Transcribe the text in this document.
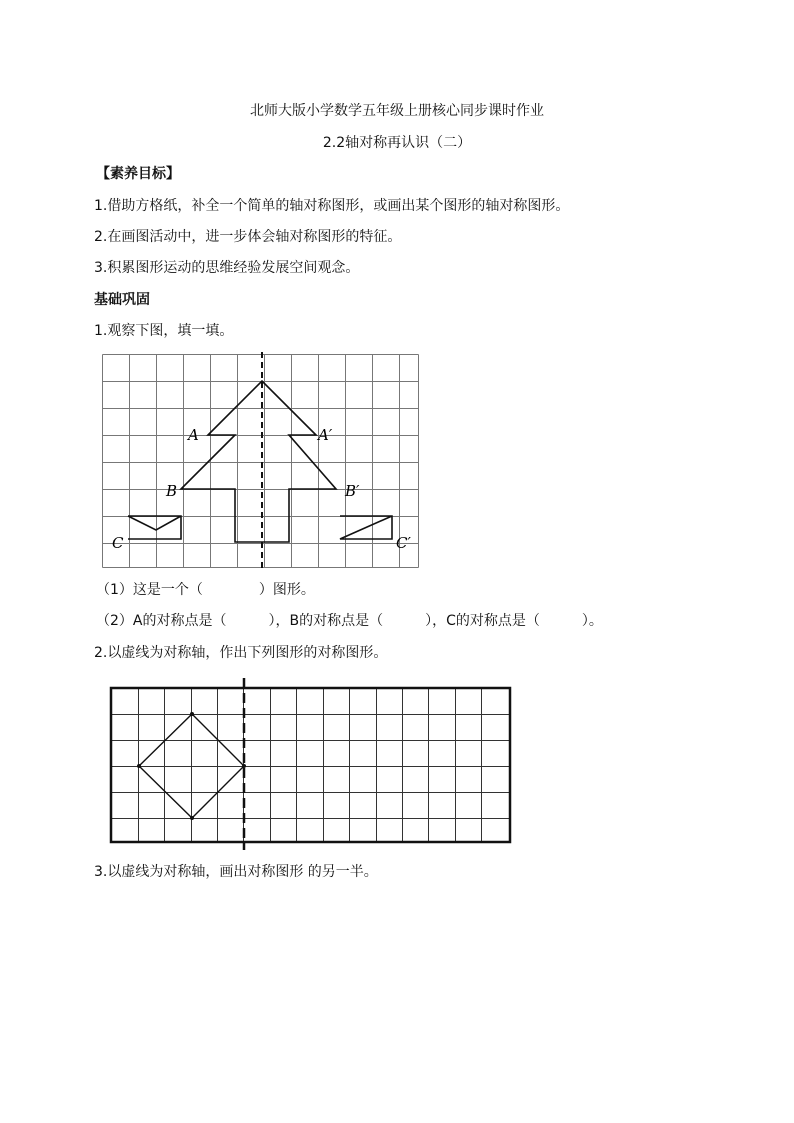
北师大版小学数学五年级上册核心同步课时作业
2.2轴对称再认识（二）
【素养目标】
1.借助方格纸，补全一个简单的轴对称图形，或画出某个图形的轴对称图形。
2.在画图活动中，进一步体会轴对称图形的特征。
3.积累图形运动的思维经验发展空间观念。
基础巩固
1.观察下图，填一填。
A	A′
B	B′
C	C′
（1）这是一个（　　　　）图形。
（2）A的对称点是（　　　），B的对称点是（　　　），C的对称点是（　　　）。
2.以虚线为对称轴，作出下列图形的对称图形。
3.以虚线为对称轴，画出对称图形 的另一半。
